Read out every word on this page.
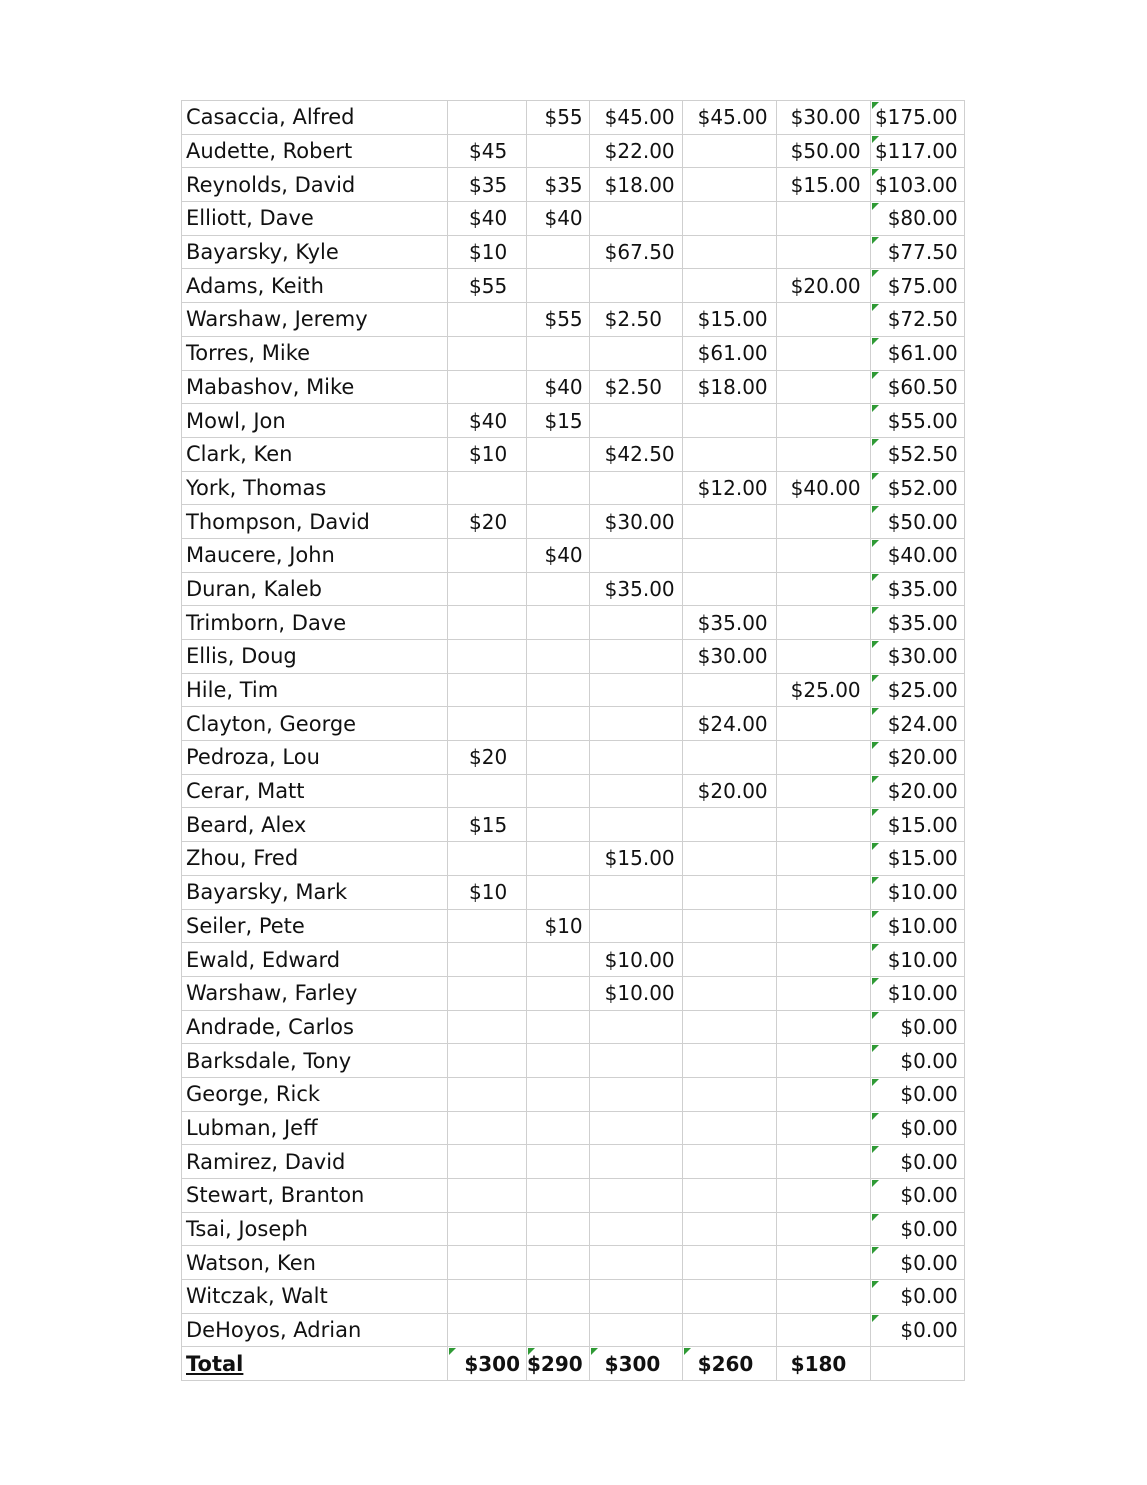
Casaccia, Alfred		$55	$45.00	$45.00	$30.00	$175.00
Audette, Robert	$45		$22.00		$50.00	$117.00
Reynolds, David	$35	$35	$18.00		$15.00	$103.00
Elliott, Dave	$40	$40				$80.00
Bayarsky, Kyle	$10		$67.50			$77.50
Adams, Keith	$55				$20.00	$75.00
Warshaw, Jeremy		$55	$2.50	$15.00		$72.50
Torres, Mike				$61.00		$61.00
Mabashov, Mike		$40	$2.50	$18.00		$60.50
Mowl, Jon	$40	$15				$55.00
Clark, Ken	$10		$42.50			$52.50
York, Thomas				$12.00	$40.00	$52.00
Thompson, David	$20		$30.00			$50.00
Maucere, John		$40				$40.00
Duran, Kaleb			$35.00			$35.00
Trimborn, Dave				$35.00		$35.00
Ellis, Doug				$30.00		$30.00
Hile, Tim					$25.00	$25.00
Clayton, George				$24.00		$24.00
Pedroza, Lou	$20					$20.00
Cerar, Matt				$20.00		$20.00
Beard, Alex	$15					$15.00
Zhou, Fred			$15.00			$15.00
Bayarsky, Mark	$10					$10.00
Seiler, Pete		$10				$10.00
Ewald, Edward			$10.00			$10.00
Warshaw, Farley			$10.00			$10.00
Andrade, Carlos						$0.00
Barksdale, Tony						$0.00
George, Rick						$0.00
Lubman, Jeff						$0.00
Ramirez, David						$0.00
Stewart, Branton						$0.00
Tsai, Joseph						$0.00
Watson, Ken						$0.00
Witczak, Walt						$0.00
DeHoyos, Adrian						$0.00
Total	$300	$290	$300	$260	$180	
